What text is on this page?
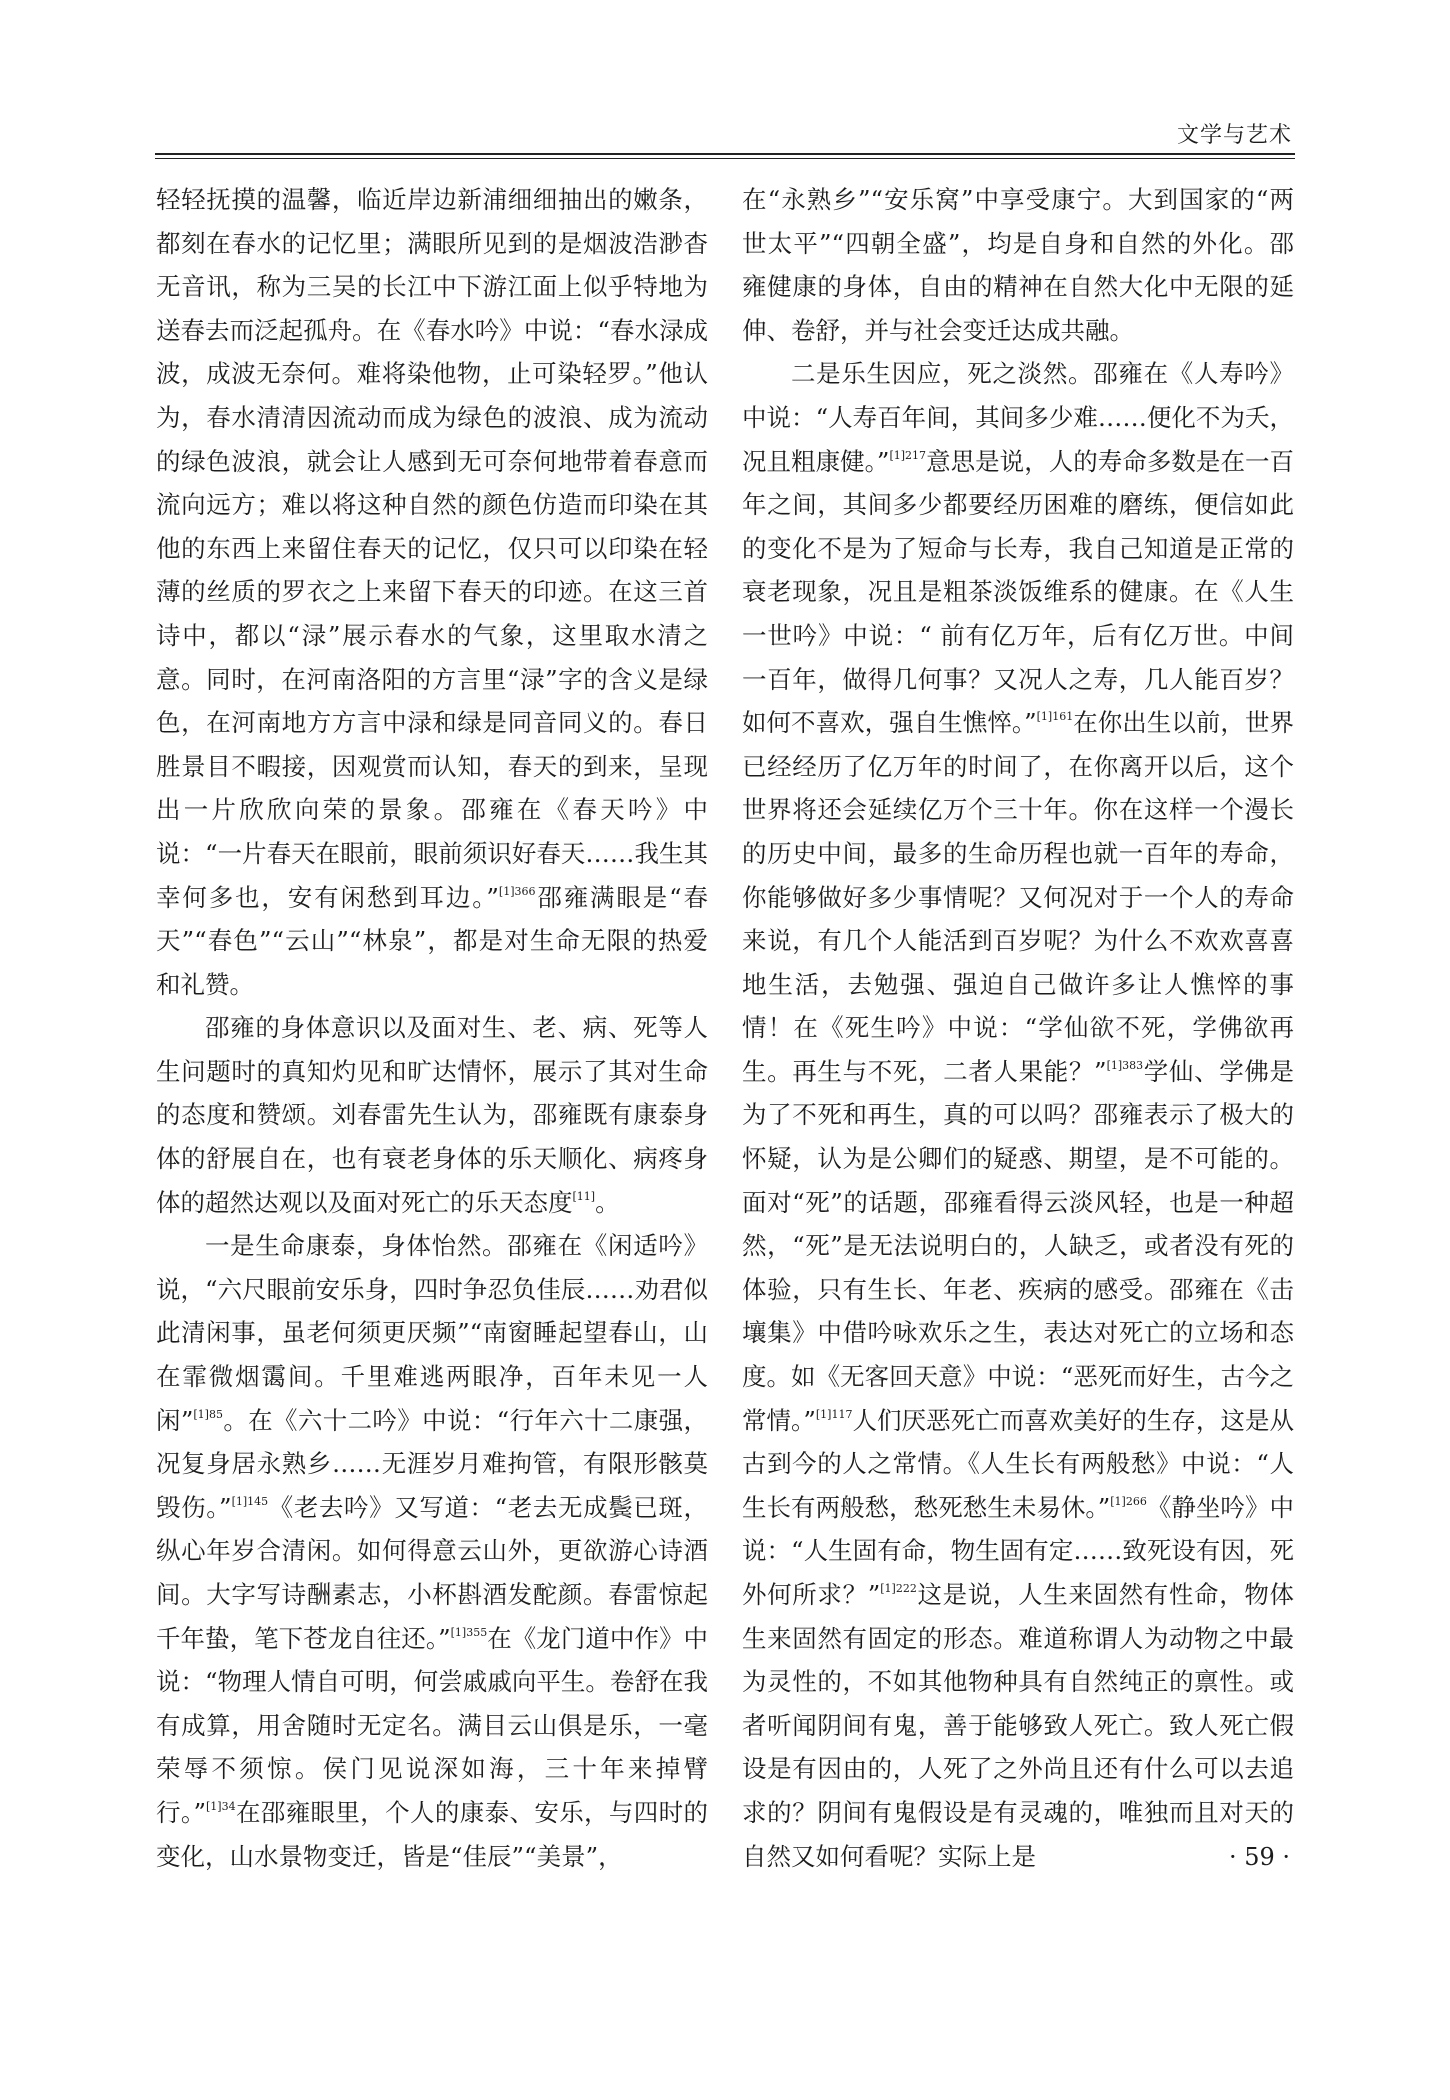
文学与艺术

轻轻抚摸的温馨，临近岸边新浦细细抽出的嫩条，都刻在春水的记忆里；满眼所见到的是烟波浩渺杳无音讯，称为三吴的长江中下游江面上似乎特地为送春去而泛起孤舟。在《春水吟》中说：“春水渌成波，成波无奈何。难将染他物，止可染轻罗。”他认为，春水清清因流动而成为绿色的波浪、成为流动的绿色波浪，就会让人感到无可奈何地带着春意而流向远方；难以将这种自然的颜色仿造而印染在其他的东西上来留住春天的记忆，仅只可以印染在轻薄的丝质的罗衣之上来留下春天的印迹。在这三首诗中，都以“渌”展示春水的气象，这里取水清之意。同时，在河南洛阳的方言里“渌”字的含义是绿色，在河南地方方言中渌和绿是同音同义的。春日胜景目不暇接，因观赏而认知，春天的到来，呈现出一片欣欣向荣的景象。邵雍在《春天吟》中说：“一片春天在眼前，眼前须识好春天……我生其幸何多也，安有闲愁到耳边。”$^{[1]366}$邵雍满眼是“春天”“春色”“云山”“林泉”，都是对生命无限的热爱和礼赞。

邵雍的身体意识以及面对生、老、病、死等人生问题时的真知灼见和旷达情怀，展示了其对生命的态度和赞颂。刘春雷先生认为，邵雍既有康泰身体的舒展自在，也有衰老身体的乐天顺化、病疼身体的超然达观以及面对死亡的乐天态度[11]。

一是生命康泰，身体怡然。邵雍在《闲适吟》说，“六尺眼前安乐身，四时争忍负佳辰……劝君似此清闲事，虽老何须更厌频”“南窗睡起望春山，山在霏微烟霭间。千里难逃两眼净，百年未见一人闲”$^{[1]85}$。在《六十二吟》中说：“行年六十二康强，况复身居永熟乡……无涯岁月难拘管，有限形骸莫毁伤。”$^{[1]145}$《老去吟》又写道：“老去无成鬓已斑，纵心年岁合清闲。如何得意云山外，更欲游心诗酒间。大字写诗酬素志，小杯斟酒发酡颜。春雷惊起千年蛰，笔下苍龙自往还。”$^{[1]355}$在《龙门道中作》中说：“物理人情自可明，何尝戚戚向平生。卷舒在我有成算，用舍随时无定名。满目云山俱是乐，一毫荣辱不须惊。侯门见说深如海，三十年来掉臂行。”$^{[1]34}$在邵雍眼里，个人的康泰、安乐，与四时的变化，山水景物变迁，皆是“佳辰”“美景”，

在“永熟乡”“安乐窝”中享受康宁。大到国家的“两世太平”“四朝全盛”，均是自身和自然的外化。邵雍健康的身体，自由的精神在自然大化中无限的延伸、卷舒，并与社会变迁达成共融。

二是乐生因应，死之淡然。邵雍在《人寿吟》中说：“人寿百年间，其间多少难……便化不为夭，况且粗康健。”$^{[1]217}$意思是说，人的寿命多数是在一百年之间，其间多少都要经历困难的磨练，便信如此的变化不是为了短命与长寿，我自己知道是正常的衰老现象，况且是粗茶淡饭维系的健康。在《人生一世吟》中说：“ 前有亿万年，后有亿万世。中间一百年，做得几何事？又况人之寿，几人能百岁？如何不喜欢，强自生憔悴。”$^{[1]161}$在你出生以前，世界已经经历了亿万年的时间了，在你离开以后，这个世界将还会延续亿万个三十年。你在这样一个漫长的历史中间，最多的生命历程也就一百年的寿命，你能够做好多少事情呢？又何况对于一个人的寿命来说，有几个人能活到百岁呢？为什么不欢欢喜喜地生活，去勉强、强迫自己做许多让人憔悴的事情！在《死生吟》中说：“学仙欲不死，学佛欲再生。再生与不死，二者人果能？”$^{[1]383}$学仙、学佛是为了不死和再生，真的可以吗？邵雍表示了极大的怀疑，认为是公卿们的疑惑、期望，是不可能的。面对“死”的话题，邵雍看得云淡风轻，也是一种超然，“死”是无法说明白的，人缺乏，或者没有死的体验，只有生长、年老、疾病的感受。邵雍在《击壤集》中借吟咏欢乐之生，表达对死亡的立场和态度。如《无客回天意》中说：“恶死而好生，古今之常情。”$^{[1]117}$人们厌恶死亡而喜欢美好的生存，这是从古到今的人之常情。《人生长有两般愁》中说：“人生长有两般愁，愁死愁生未易休。”$^{[1]266}$《静坐吟》中说：“人生固有命，物生固有定……致死设有因，死外何所求？”$^{[1]222}$这是说，人生来固然有性命，物体生来固然有固定的形态。难道称谓人为动物之中最为灵性的，不如其他物种具有自然纯正的禀性。或者听闻阴间有鬼，善于能够致人死亡。致人死亡假设是有因由的，人死了之外尚且还有什么可以去追求的？阴间有鬼假设是有灵魂的，唯独而且对天的自然又如何看呢？实际上是	· 59 ·
